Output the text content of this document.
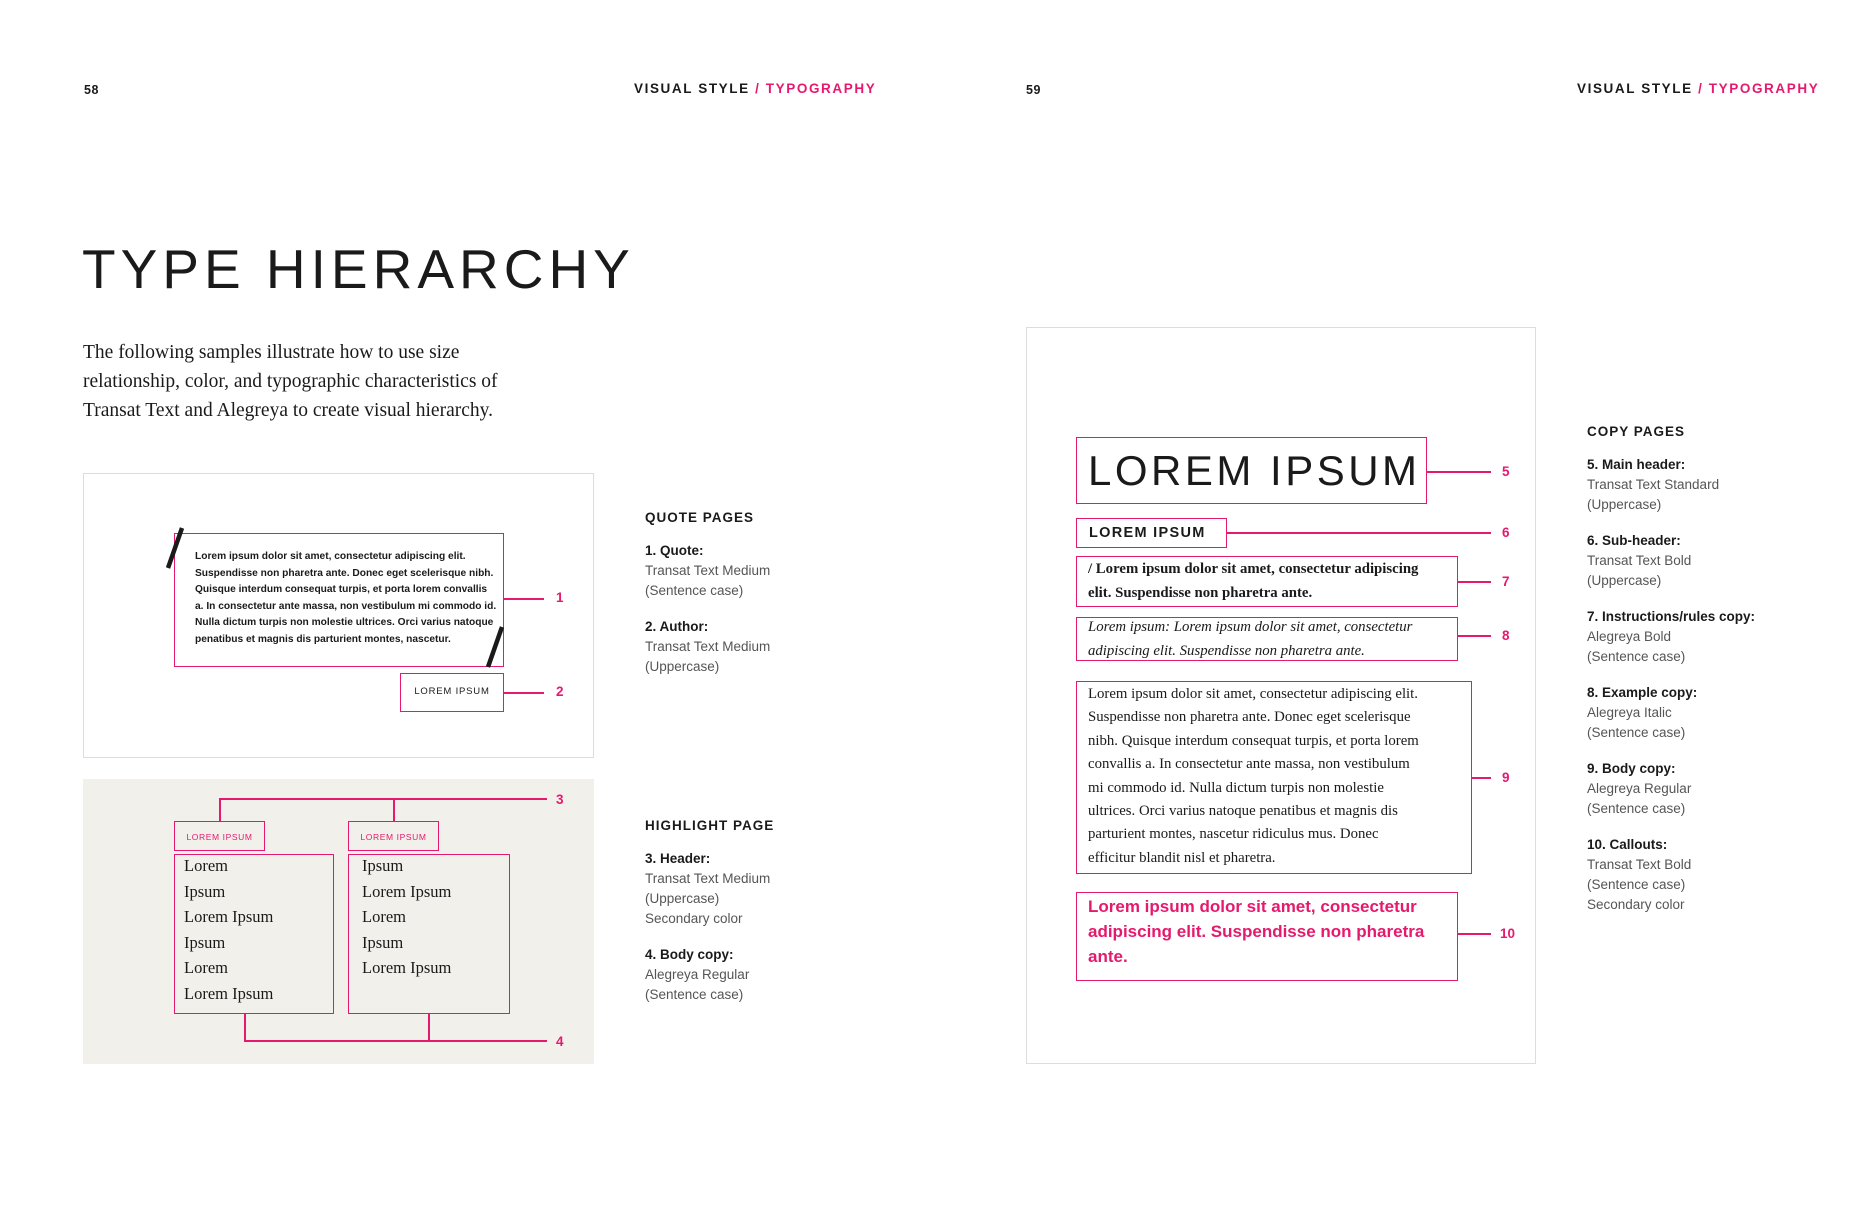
58	VISUAL STYLE / TYPOGRAPHY	59	VISUAL STYLE / TYPOGRAPHY
TYPE HIERARCHY
The following samples illustrate how to use size
relationship, color, and typographic characteristics of
Transat Text and Alegreya to create visual hierarchy.
Lorem ipsum dolor sit amet, consectetur adipiscing elit.
Suspendisse non pharetra ante. Donec eget scelerisque nibh.
Quisque interdum consequat turpis, et porta lorem convallis
a. In consectetur ante massa, non vestibulum mi commodo id.
Nulla dictum turpis non molestie ultrices. Orci varius natoque
penatibus et magnis dis parturient montes, nascetur.
1
LOREM IPSUM	2
3
LOREM IPSUM	LOREM IPSUM
Lorem
Ipsum
Lorem Ipsum
Ipsum
Lorem
Lorem Ipsum
Ipsum
Lorem Ipsum
Lorem
Ipsum
Lorem Ipsum
4
QUOTE PAGES
1. Quote:
Transat Text Medium
(Sentence case)
2. Author:
Transat Text Medium
(Uppercase)
HIGHLIGHT PAGE
3. Header:
Transat Text Medium
(Uppercase)
Secondary color
4. Body copy:
Alegreya Regular
(Sentence case)
LOREM IPSUM	5
LOREM IPSUM	6
/ Lorem ipsum dolor sit amet, consectetur adipiscing
elit. Suspendisse non pharetra ante.
7
Lorem ipsum: Lorem ipsum dolor sit amet, consectetur
adipiscing elit. Suspendisse non pharetra ante.
8
Lorem ipsum dolor sit amet, consectetur adipiscing elit.
Suspendisse non pharetra ante. Donec eget scelerisque
nibh. Quisque interdum consequat turpis, et porta lorem
convallis a. In consectetur ante massa, non vestibulum
mi commodo id. Nulla dictum turpis non molestie
ultrices. Orci varius natoque penatibus et magnis dis
parturient montes, nascetur ridiculus mus. Donec
efficitur blandit nisl et pharetra.
9
Lorem ipsum dolor sit amet, consectetur
adipiscing elit. Suspendisse non pharetra
ante.
10
COPY PAGES
5. Main header:
Transat Text Standard
(Uppercase)
6. Sub-header:
Transat Text Bold
(Uppercase)
7. Instructions/rules copy:
Alegreya Bold
(Sentence case)
8. Example copy:
Alegreya Italic
(Sentence case)
9. Body copy:
Alegreya Regular
(Sentence case)
10. Callouts:
Transat Text Bold
(Sentence case)
Secondary color
